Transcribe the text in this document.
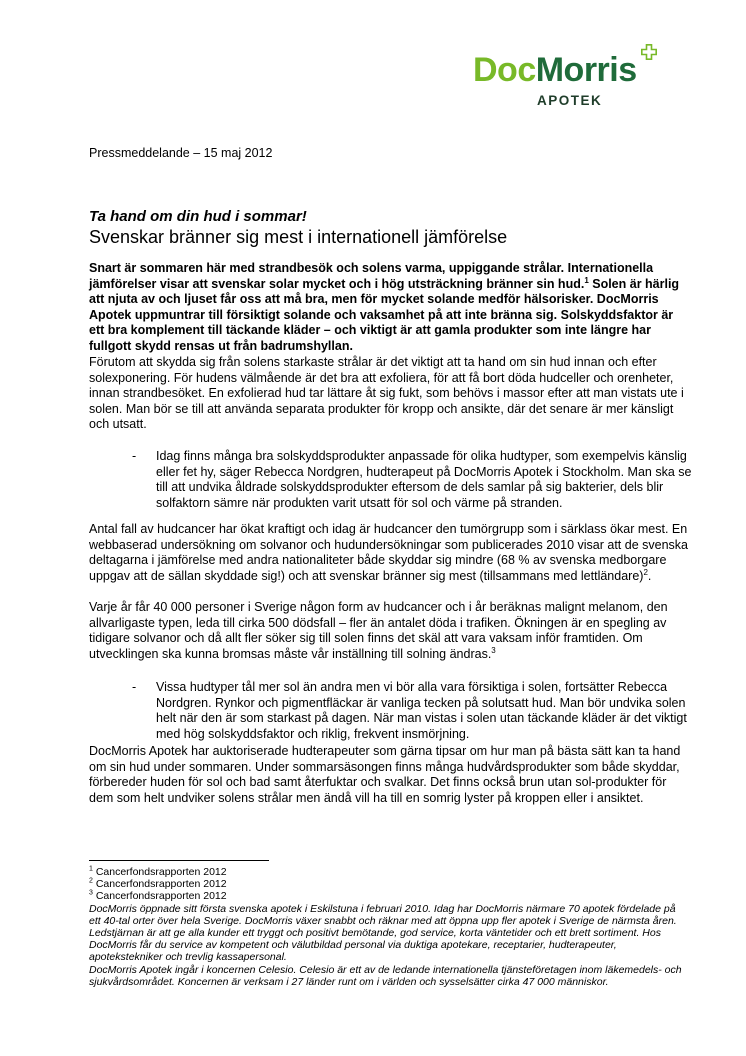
DocMorris
APOTEK
Pressmeddelande – 15 maj 2012
Ta hand om din hud i sommar!
Svenskar bränner sig mest i internationell jämförelse

Snart är sommaren här med strandbesök och solens varma, uppiggande strålar. Internationella jämförelser visar att svenskar solar mycket och i hög utsträckning bränner sin hud.$^1$ Solen är härlig att njuta av och ljuset får oss att må bra, men för mycket solande medför hälsorisker. DocMorris Apotek uppmuntrar till försiktigt solande och vaksamhet på att inte bränna sig. Solskyddsfaktor är ett bra komplement till täckande kläder – och viktigt är att gamla produkter som inte längre har fullgott skydd rensas ut från badrumshyllan.

Förutom att skydda sig från solens starkaste strålar är det viktigt att ta hand om sin hud innan och efter solexponering. För hudens välmående är det bra att exfoliera, för att få bort döda hudceller och orenheter, innan strandbesöket. En exfolierad hud tar lättare åt sig fukt, som behövs i massor efter att man vistats ute i solen. Man bör se till att använda separata produkter för kropp och ansikte, där det senare är mer känsligt och utsatt.

- Idag finns många bra solskyddsprodukter anpassade för olika hudtyper, som exempelvis känslig eller fet hy, säger Rebecca Nordgren, hudterapeut på DocMorris Apotek i Stockholm. Man ska se till att undvika åldrade solskyddsprodukter eftersom de dels samlar på sig bakterier, dels blir solfaktorn sämre när produkten varit utsatt för sol och värme på stranden.

Antal fall av hudcancer har ökat kraftigt och idag är hudcancer den tumörgrupp som i särklass ökar mest. En webbaserad undersökning om solvanor och hudundersökningar som publicerades 2010 visar att de svenska deltagarna i jämförelse med andra nationaliteter både skyddar sig mindre (68 % av svenska medborgare uppgav att de sällan skyddade sig!) och att svenskar bränner sig mest (tillsammans med lettländare)$^2$.

Varje år får 40 000 personer i Sverige någon form av hudcancer och i år beräknas malignt melanom, den allvarligaste typen, leda till cirka 500 dödsfall – fler än antalet döda i trafiken. Ökningen är en spegling av tidigare solvanor och då allt fler söker sig till solen finns det skäl att vara vaksam inför framtiden. Om utvecklingen ska kunna bromsas måste vår inställning till solning ändras.$^3$

- Vissa hudtyper tål mer sol än andra men vi bör alla vara försiktiga i solen, fortsätter Rebecca Nordgren. Rynkor och pigmentfläckar är vanliga tecken på solutsatt hud. Man bör undvika solen helt när den är som starkast på dagen. När man vistas i solen utan täckande kläder är det viktigt med hög solskyddsfaktor och riklig, frekvent insmörjning.

DocMorris Apotek har auktoriserade hudterapeuter som gärna tipsar om hur man på bästa sätt kan ta hand om sin hud under sommaren. Under sommarsäsongen finns många hudvårdsprodukter som både skyddar, förbereder huden för sol och bad samt återfuktar och svalkar. Det finns också brun utan sol-produkter för dem som helt undviker solens strålar men ändå vill ha till en somrig lyster på kroppen eller i ansiktet.

$^1$ Cancerfondsrapporten 2012
$^2$ Cancerfondsrapporten 2012
$^3$ Cancerfondsrapporten 2012
DocMorris öppnade sitt första svenska apotek i Eskilstuna i februari 2010. Idag har DocMorris närmare 70 apotek fördelade på ett 40-tal orter över hela Sverige. DocMorris växer snabbt och räknar med att öppna upp fler apotek i Sverige de närmsta åren. Ledstjärnan är att ge alla kunder ett tryggt och positivt bemötande, god service, korta väntetider och ett brett sortiment. Hos DocMorris får du service av kompetent och välutbildad personal via duktiga apotekare, receptarier, hudterapeuter, apotekstekniker och trevlig kassapersonal.
DocMorris Apotek ingår i koncernen Celesio. Celesio är ett av de ledande internationella tjänsteföretagen inom läkemedels- och sjukvårdsområdet. Koncernen är verksam i 27 länder runt om i världen och sysselsätter cirka 47 000 människor.
